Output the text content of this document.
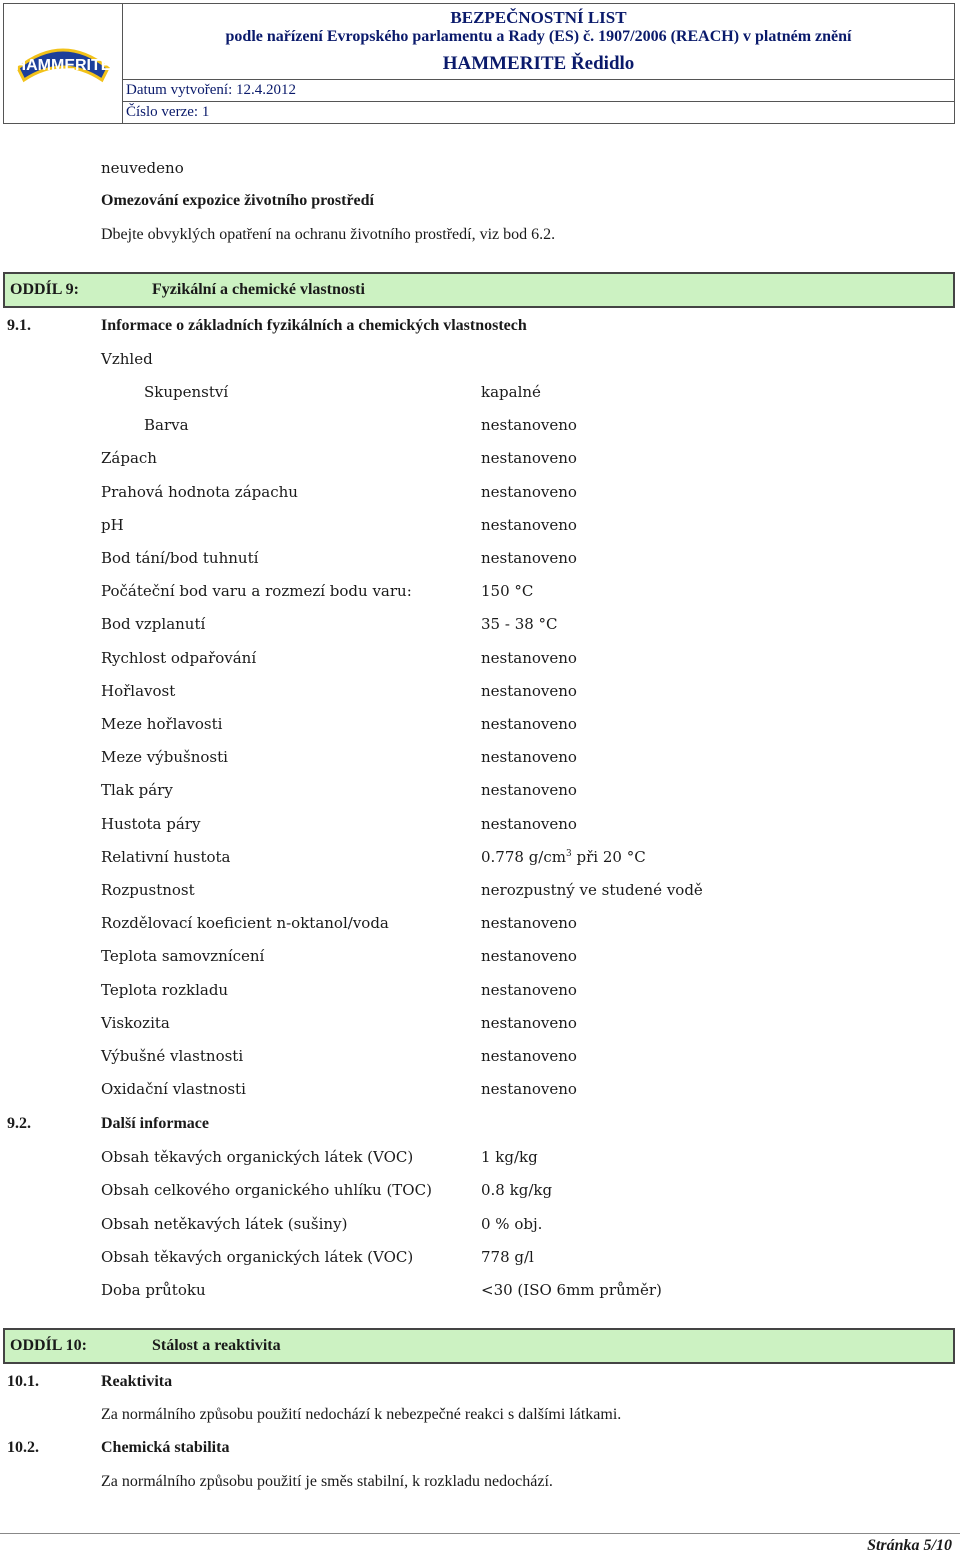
HAMMERITE
BEZPEČNOSTNÍ LIST
podle nařízení Evropského parlamentu a Rady (ES) č. 1907/2006 (REACH) v platném znění
HAMMERITE Ředidlo
Datum vytvoření: 12.4.2012
Číslo verze: 1
neuvedeno
Omezování expozice životního prostředí
Dbejte obvyklých opatření na ochranu životního prostředí, viz bod 6.2.
ODDÍL 9:	Fyzikální a chemické vlastnosti
9.1.	Informace o základních fyzikálních a chemických vlastnostech
Vzhled
Skupenství	kapalné
Barva	nestanoveno
Zápach	nestanoveno
Prahová hodnota zápachu	nestanoveno
pH	nestanoveno
Bod tání/bod tuhnutí	nestanoveno
Počáteční bod varu a rozmezí bodu varu:	150 °C
Bod vzplanutí	35 - 38 °C
Rychlost odpařování	nestanoveno
Hořlavost	nestanoveno
Meze hořlavosti	nestanoveno
Meze výbušnosti	nestanoveno
Tlak páry	nestanoveno
Hustota páry	nestanoveno
Relativní hustota	0.778 $g/cm^3$ při 20 °C
Rozpustnost	nerozpustný ve studené vodě
Rozdělovací koeficient n-oktanol/voda	nestanoveno
Teplota samovznícení	nestanoveno
Teplota rozkladu	nestanoveno
Viskozita	nestanoveno
Výbušné vlastnosti	nestanoveno
Oxidační vlastnosti	nestanoveno
9.2.	Další informace
Obsah těkavých organických látek (VOC)	1 kg/kg
Obsah celkového organického uhlíku (TOC)	0.8 kg/kg
Obsah netěkavých látek (sušiny)	0 % obj.
Obsah těkavých organických látek (VOC)	778 g/l
Doba průtoku	<30 (ISO 6mm průměr)
ODDÍL 10:	Stálost a reaktivita
10.1.	Reaktivita
Za normálního způsobu použití nedochází k nebezpečné reakci s dalšími látkami.
10.2.	Chemická stabilita
Za normálního způsobu použití je směs stabilní, k rozkladu nedochází.
Stránka 5/10
